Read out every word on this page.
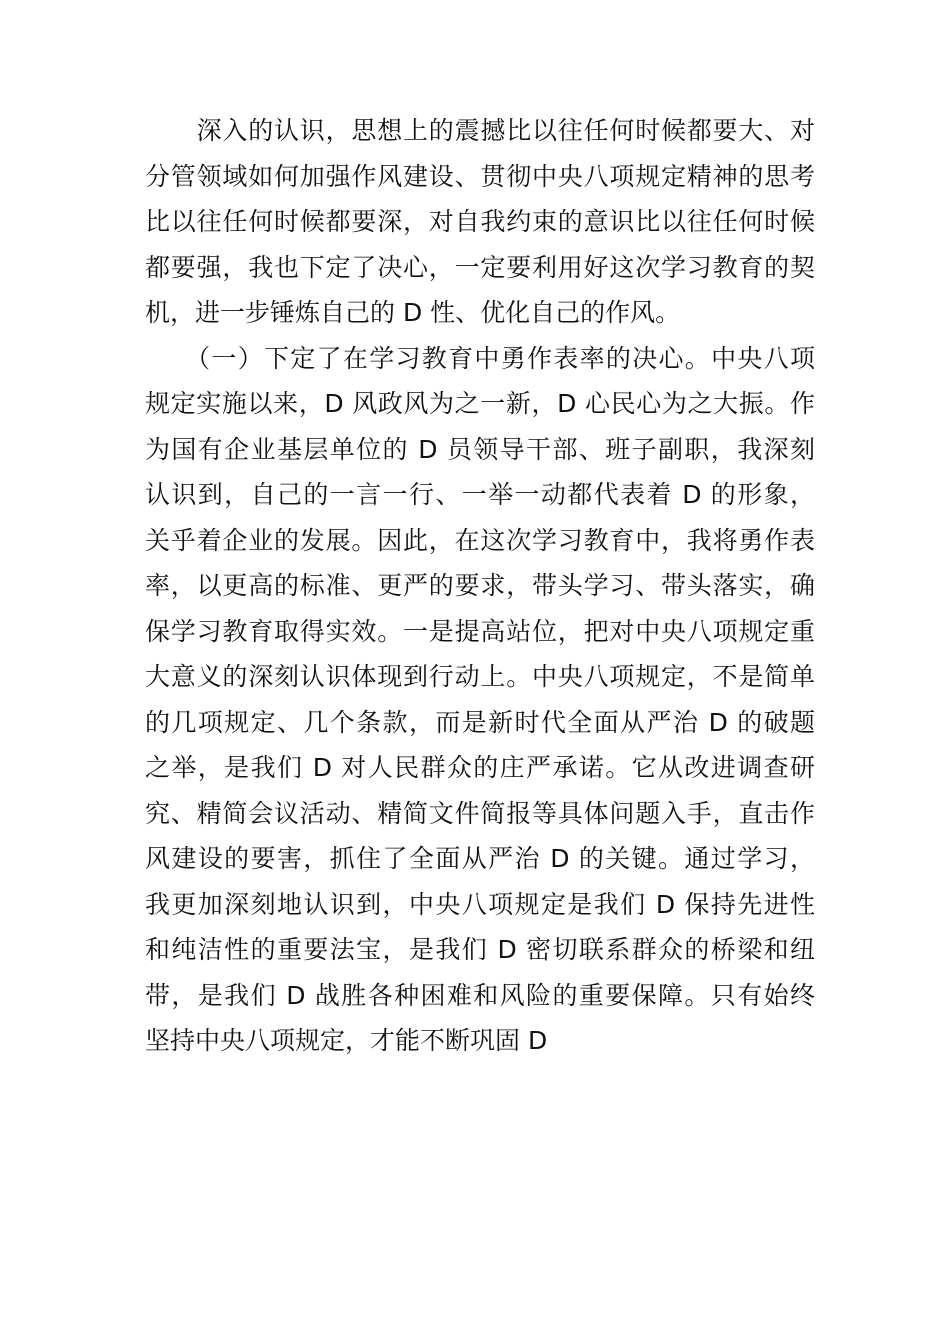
　　深入的认识，思想上的震撼比以往任何时候都要大、对
分管领域如何加强作风建设、贯彻中央八项规定精神的思考
比以往任何时候都要深，对自我约束的意识比以往任何时候
都要强，我也下定了决心，一定要利用好这次学习教育的契
机，进一步锤炼自己的 D 性、优化自己的作风。
　　（一）下定了在学习教育中勇作表率的决心。中央八项
规定实施以来，D 风政风为之一新，D 心民心为之大振。作
为国有企业基层单位的 D 员领导干部、班子副职，我深刻
认识到，自己的一言一行、一举一动都代表着 D 的形象，
关乎着企业的发展。因此，在这次学习教育中，我将勇作表
率，以更高的标准、更严的要求，带头学习、带头落实，确
保学习教育取得实效。一是提高站位，把对中央八项规定重
大意义的深刻认识体现到行动上。中央八项规定，不是简单
的几项规定、几个条款，而是新时代全面从严治 D 的破题
之举，是我们 D 对人民群众的庄严承诺。它从改进调查研
究、精简会议活动、精简文件简报等具体问题入手，直击作
风建设的要害，抓住了全面从严治 D 的关键。通过学习，
我更加深刻地认识到，中央八项规定是我们 D 保持先进性
和纯洁性的重要法宝，是我们 D 密切联系群众的桥梁和纽
带，是我们 D 战胜各种困难和风险的重要保障。只有始终
坚持中央八项规定，才能不断巩固 D
